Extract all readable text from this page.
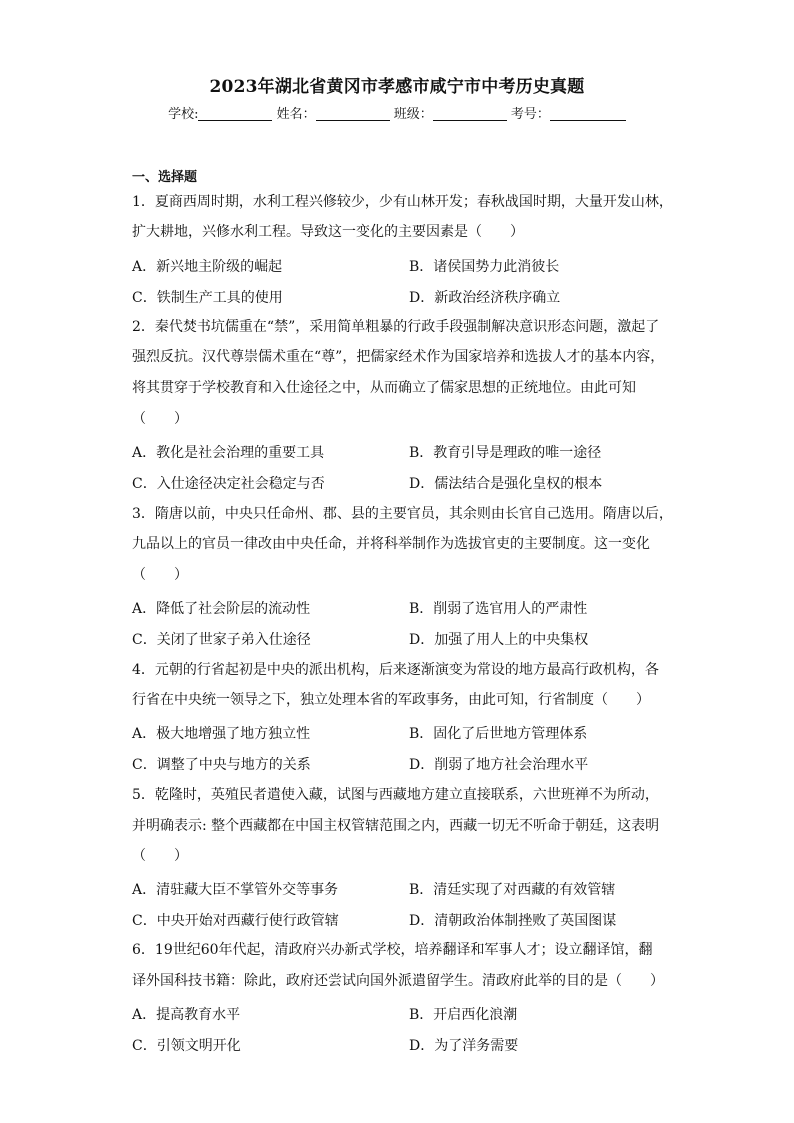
2023年湖北省黄冈市孝感市咸宁市中考历史真题
学校:	姓名：	班级：	考号：
一、选择题
1．夏商西周时期，水利工程兴修较少，少有山林开发；春秋战国时期，大量开发山林，
扩大耕地，兴修水利工程。导致这一变化的主要因素是（　　）
A．新兴地主阶级的崛起	B．诸侯国势力此消彼长
C．铁制生产工具的使用	D．新政治经济秩序确立
2．秦代焚书坑儒重在“禁”，采用简单粗暴的行政手段强制解决意识形态问题，激起了
强烈反抗。汉代尊崇儒术重在“尊”，把儒家经术作为国家培养和选拔人才的基本内容，
将其贯穿于学校教育和入仕途径之中，从而确立了儒家思想的正统地位。由此可知
（　　）
A．教化是社会治理的重要工具	B．教育引导是理政的唯一途径
C．入仕途径决定社会稳定与否	D．儒法结合是强化皇权的根本
3．隋唐以前，中央只任命州、郡、县的主要官员，其余则由长官自己选用。隋唐以后，
九品以上的官员一律改由中央任命，并将科举制作为选拔官吏的主要制度。这一变化
（　　）
A．降低了社会阶层的流动性	B．削弱了选官用人的严肃性
C．关闭了世家子弟入仕途径	D．加强了用人上的中央集权
4．元朝的行省起初是中央的派出机构，后来逐渐演变为常设的地方最高行政机构，各
行省在中央统一领导之下，独立处理本省的军政事务，由此可知，行省制度（　　）
A．极大地增强了地方独立性	B．固化了后世地方管理体系
C．调整了中央与地方的关系	D．削弱了地方社会治理水平
5．乾隆时，英殖民者遣使入藏，试图与西藏地方建立直接联系，六世班禅不为所动，
并明确表示: 整个西藏都在中国主权管辖范围之内，西藏一切无不听命于朝廷，这表明
（　　）
A．清驻藏大臣不掌管外交等事务	B．清廷实现了对西藏的有效管辖
C．中央开始对西藏行使行政管辖	D．清朝政治体制挫败了英国图谋
6．19世纪60年代起，清政府兴办新式学校，培养翻译和军事人才；设立翻译馆，翻
译外国科技书籍：除此，政府还尝试向国外派遣留学生。清政府此举的目的是（　　）
A．提高教育水平	B．开启西化浪潮
C．引领文明开化	D．为了洋务需要
